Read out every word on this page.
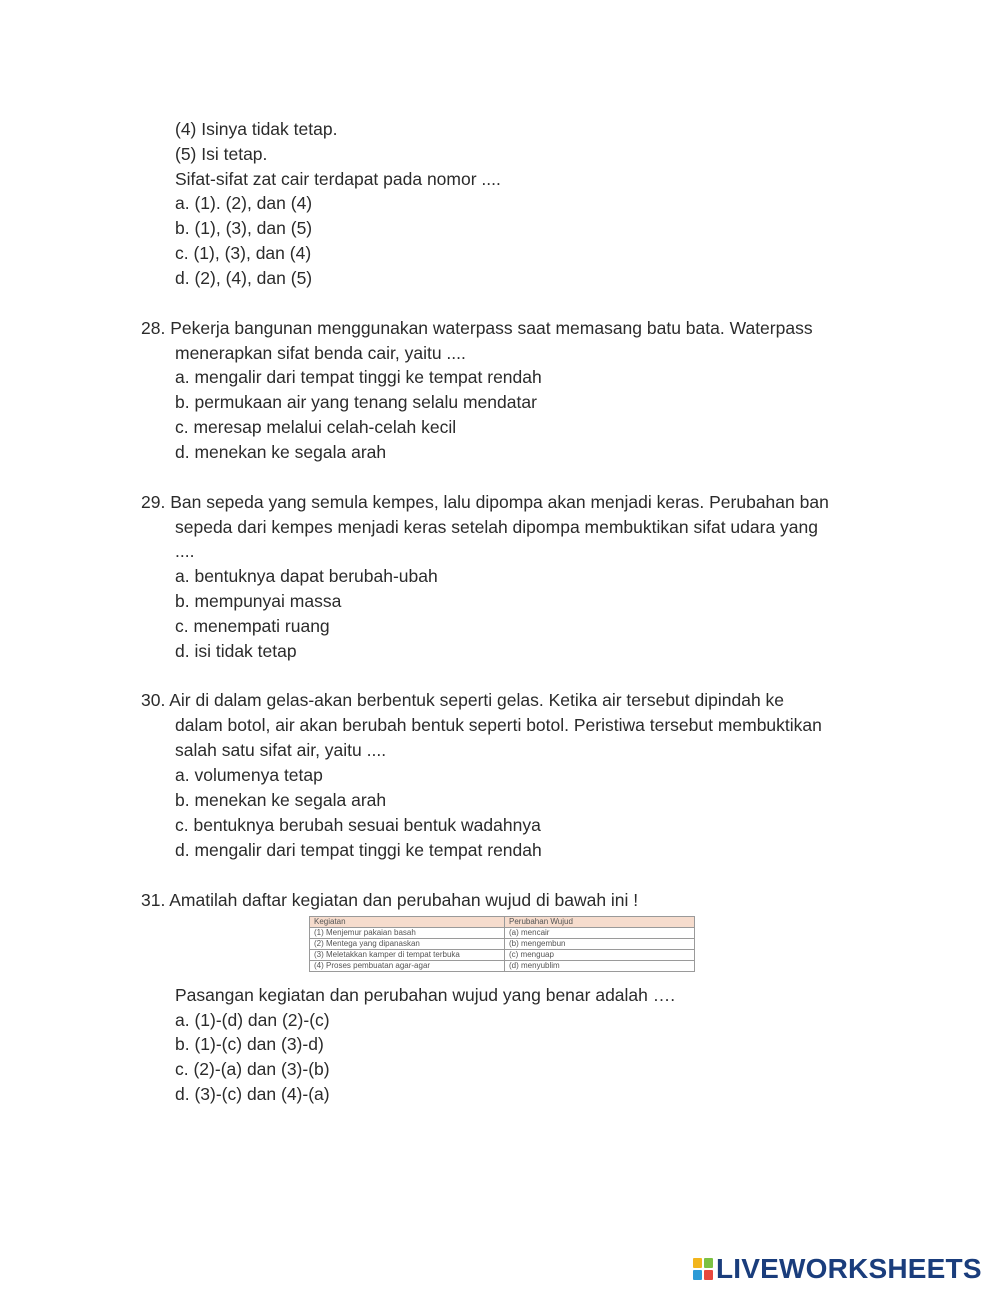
(4) Isinya tidak tetap.
(5) Isi tetap.
Sifat-sifat zat cair terdapat pada nomor ....
a. (1). (2), dan (4)
b. (1), (3), dan (5)
c. (1), (3), dan (4)
d. (2), (4), dan (5)
28. Pekerja bangunan menggunakan waterpass saat memasang batu bata. Waterpass
menerapkan sifat benda cair, yaitu ....
a. mengalir dari tempat tinggi ke tempat rendah
b. permukaan air yang tenang selalu mendatar
c. meresap melalui celah-celah kecil
d. menekan ke segala arah
29. Ban sepeda yang semula kempes, lalu dipompa akan menjadi keras. Perubahan ban
sepeda dari kempes menjadi keras setelah dipompa membuktikan sifat udara yang
....
a. bentuknya dapat berubah-ubah
b. mempunyai massa
c. menempati ruang
d. isi tidak tetap
30. Air di dalam gelas-akan berbentuk seperti gelas. Ketika air tersebut dipindah ke
dalam botol, air akan berubah bentuk seperti botol. Peristiwa tersebut membuktikan
salah satu sifat air, yaitu ....
a. volumenya tetap
b. menekan ke segala arah
c. bentuknya berubah sesuai bentuk wadahnya
d. mengalir dari tempat tinggi ke tempat rendah
31. Amatilah daftar kegiatan dan perubahan wujud di bawah ini !
Kegiatan	Perubahan Wujud
(1) Menjemur pakaian basah	(a) mencair
(2) Mentega yang dipanaskan	(b) mengembun
(3) Meletakkan kamper di tempat terbuka	(c) menguap
(4) Proses pembuatan agar-agar	(d) menyublim
Pasangan kegiatan dan perubahan wujud yang benar adalah ….
a. (1)-(d) dan (2)-(c)
b. (1)-(c) dan (3)-d)
c. (2)-(a) dan (3)-(b)
d. (3)-(c) dan (4)-(a)
LIVEWORKSHEETS
